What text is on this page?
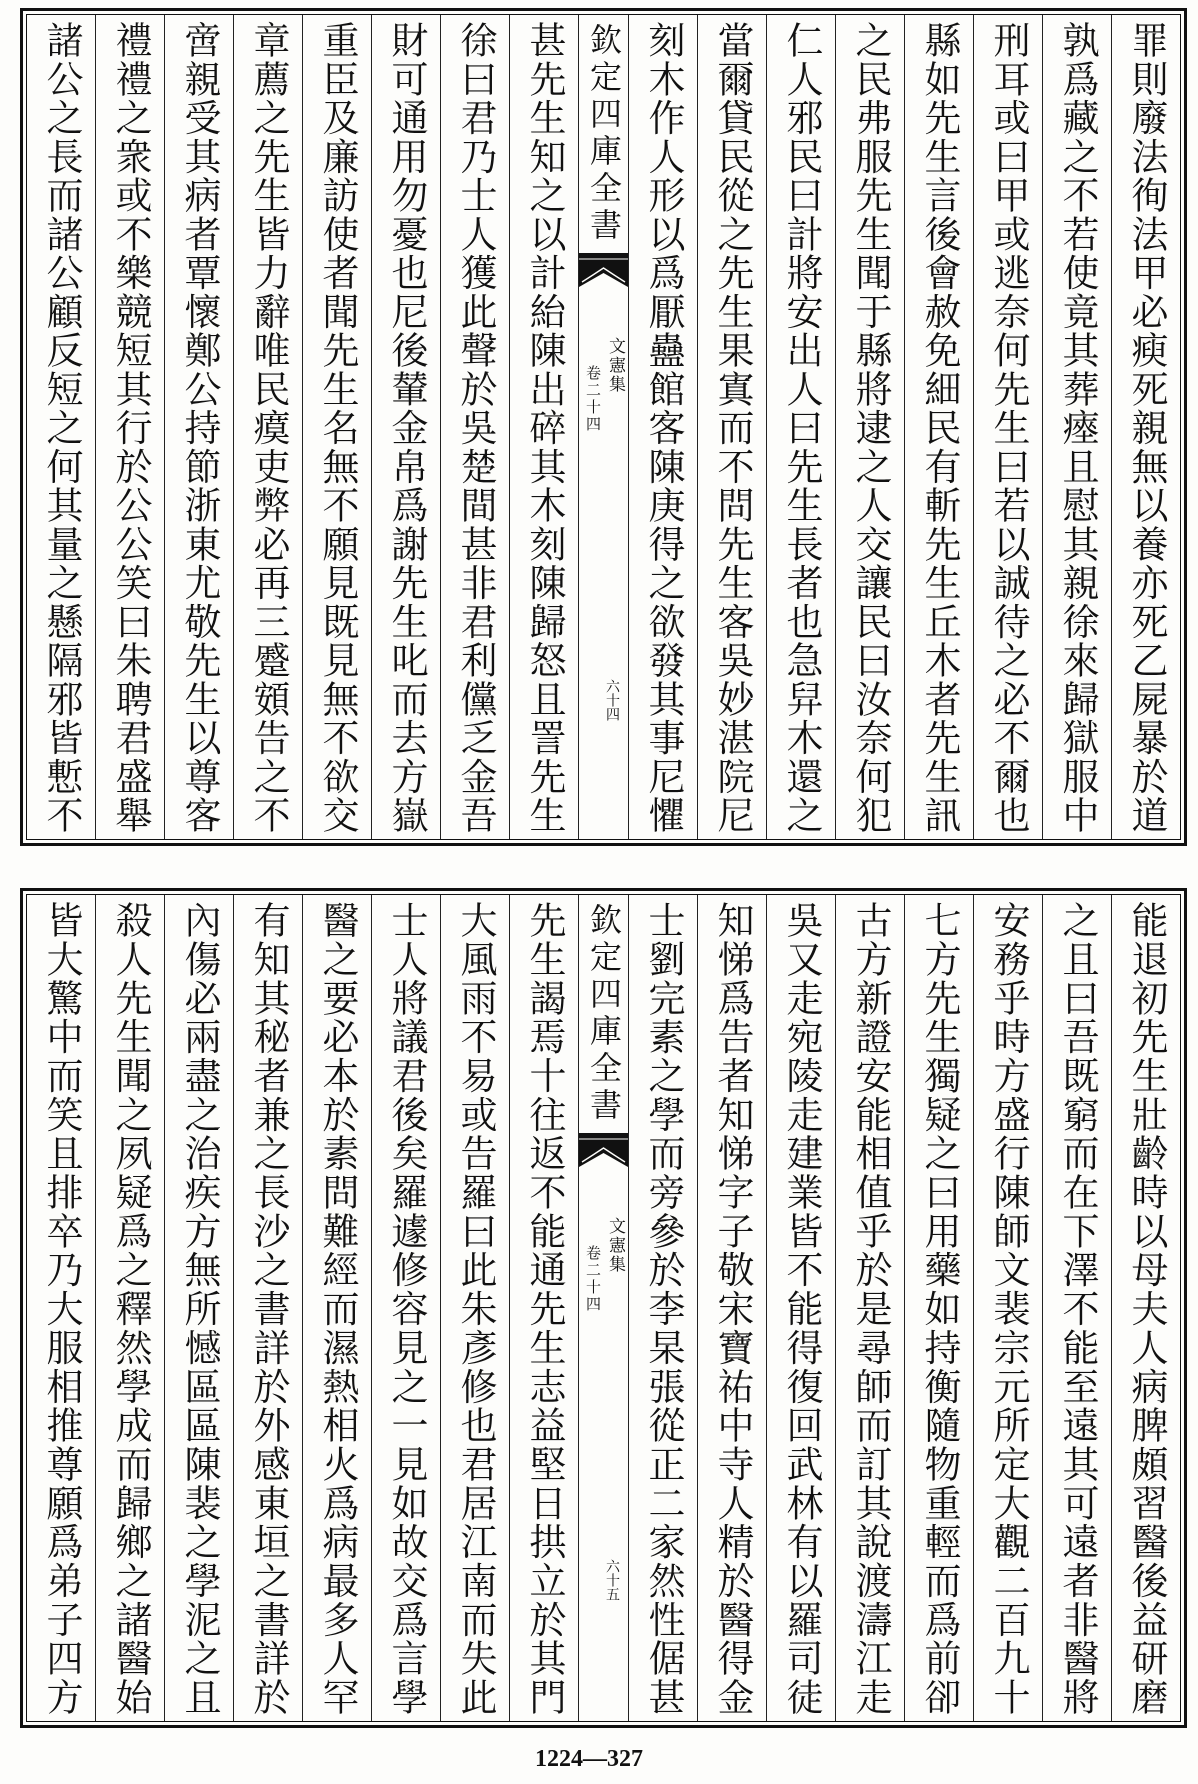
罪則廢法徇法甲必瘐死親無以養亦死乙屍暴於道
孰爲藏之不若使竟其葬瘞且慰其親徐來歸獄服中
刑耳或曰甲或逃奈何先生曰若以誠待之必不爾也
縣如先生言後會赦免細民有斬先生丘木者先生訊
之民弗服先生聞于縣將逮之人交讓民曰汝奈何犯
仁人邪民曰計將安出人曰先生長者也急舁木還之
當爾貸民從之先生果寘而不問先生客吳妙湛院尼
刻木作人形以爲厭蠱館客陳庚得之欲發其事尼懼
欽定四庫全書
文憲集
卷二十四
六十四
甚先生知之以計紿陳出碎其木刻陳歸怒且詈先生
徐曰君乃士人獲此聲於吳楚間甚非君利儻乏金吾
財可通用勿憂也尼後輦金帛爲謝先生叱而去方嶽
重臣及廉訪使者聞先生名無不願見既見無不欲交
章薦之先生皆力辭唯民瘼吏弊必再三蹙頞告之不
啻親受其病者覃懷鄭公持節浙東尤敬先生以尊客
禮禮之衆或不樂競短其行於公公笑曰朱聘君盛舉
諸公之長而諸公顧反短之何其量之懸隔邪皆慙不
能退初先生壯齡時以母夫人病脾頗習醫後益研磨
之且曰吾既窮而在下澤不能至遠其可遠者非醫將
安務乎時方盛行陳師文裴宗元所定大觀二百九十
七方先生獨疑之曰用藥如持衡隨物重輕而爲前卻
古方新證安能相值乎於是尋師而訂其說渡濤江走
吳又走宛陵走建業皆不能得復回武林有以羅司徒
知悌爲告者知悌字子敬宋寶祐中寺人精於醫得金
士劉完素之學而旁參於李杲張從正二家然性倨甚
欽定四庫全書
文憲集
卷二十四
六十五
先生謁焉十往返不能通先生志益堅日拱立於其門
大風雨不易或告羅曰此朱彥修也君居江南而失此
士人將議君後矣羅遽修容見之一見如故交爲言學
醫之要必本於素問難經而濕熱相火爲病最多人罕
有知其秘者兼之長沙之書詳於外感東垣之書詳於
內傷必兩盡之治疾方無所憾區區陳裴之學泥之且
殺人先生聞之夙疑爲之釋然學成而歸鄉之諸醫始
皆大驚中而笑且排卒乃大服相推尊願爲弟子四方
1224—327
